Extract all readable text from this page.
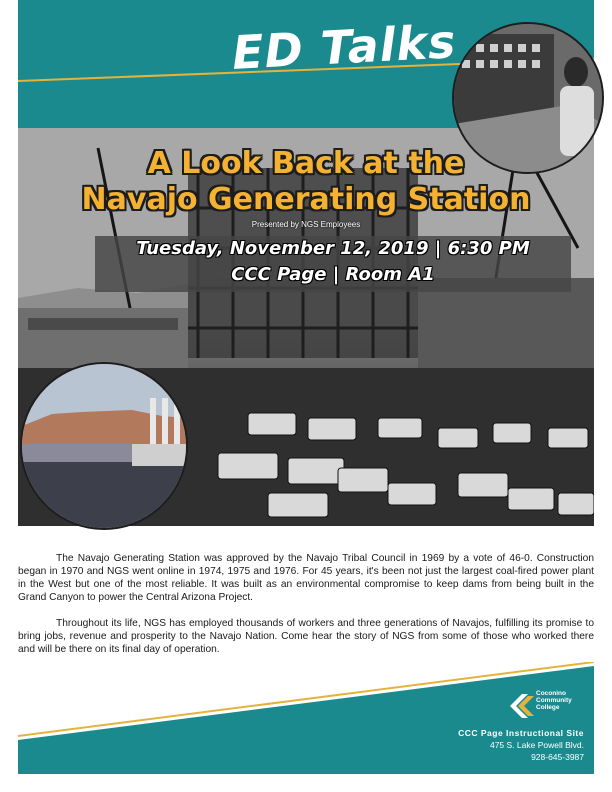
ED Talks
A Look Back at the
Navajo Generating Station
Presented by NGS Employees
Tuesday, November 12, 2019 | 6:30 PM
CCC Page | Room A1

The Navajo Generating Station was approved by the Navajo Tribal Council in 1969 by a vote of 46-0. Construction began in 1970 and NGS went online in 1974, 1975 and 1976. For 45 years, it's been not just the largest coal-fired power plant in the West but one of the most reliable. It was built as an environmental compromise to keep dams from being built in the Grand Canyon to power the Central Arizona Project.

Throughout its life, NGS has employed thousands of workers and three generations of Navajos, fulfilling its promise to bring jobs, revenue and prosperity to the Navajo Nation. Come hear the story of NGS from some of those who worked there and will be there on its final day of operation.

Coconino
Community
College
CCC Page Instructional Site
475 S. Lake Powell Blvd.
928-645-3987
